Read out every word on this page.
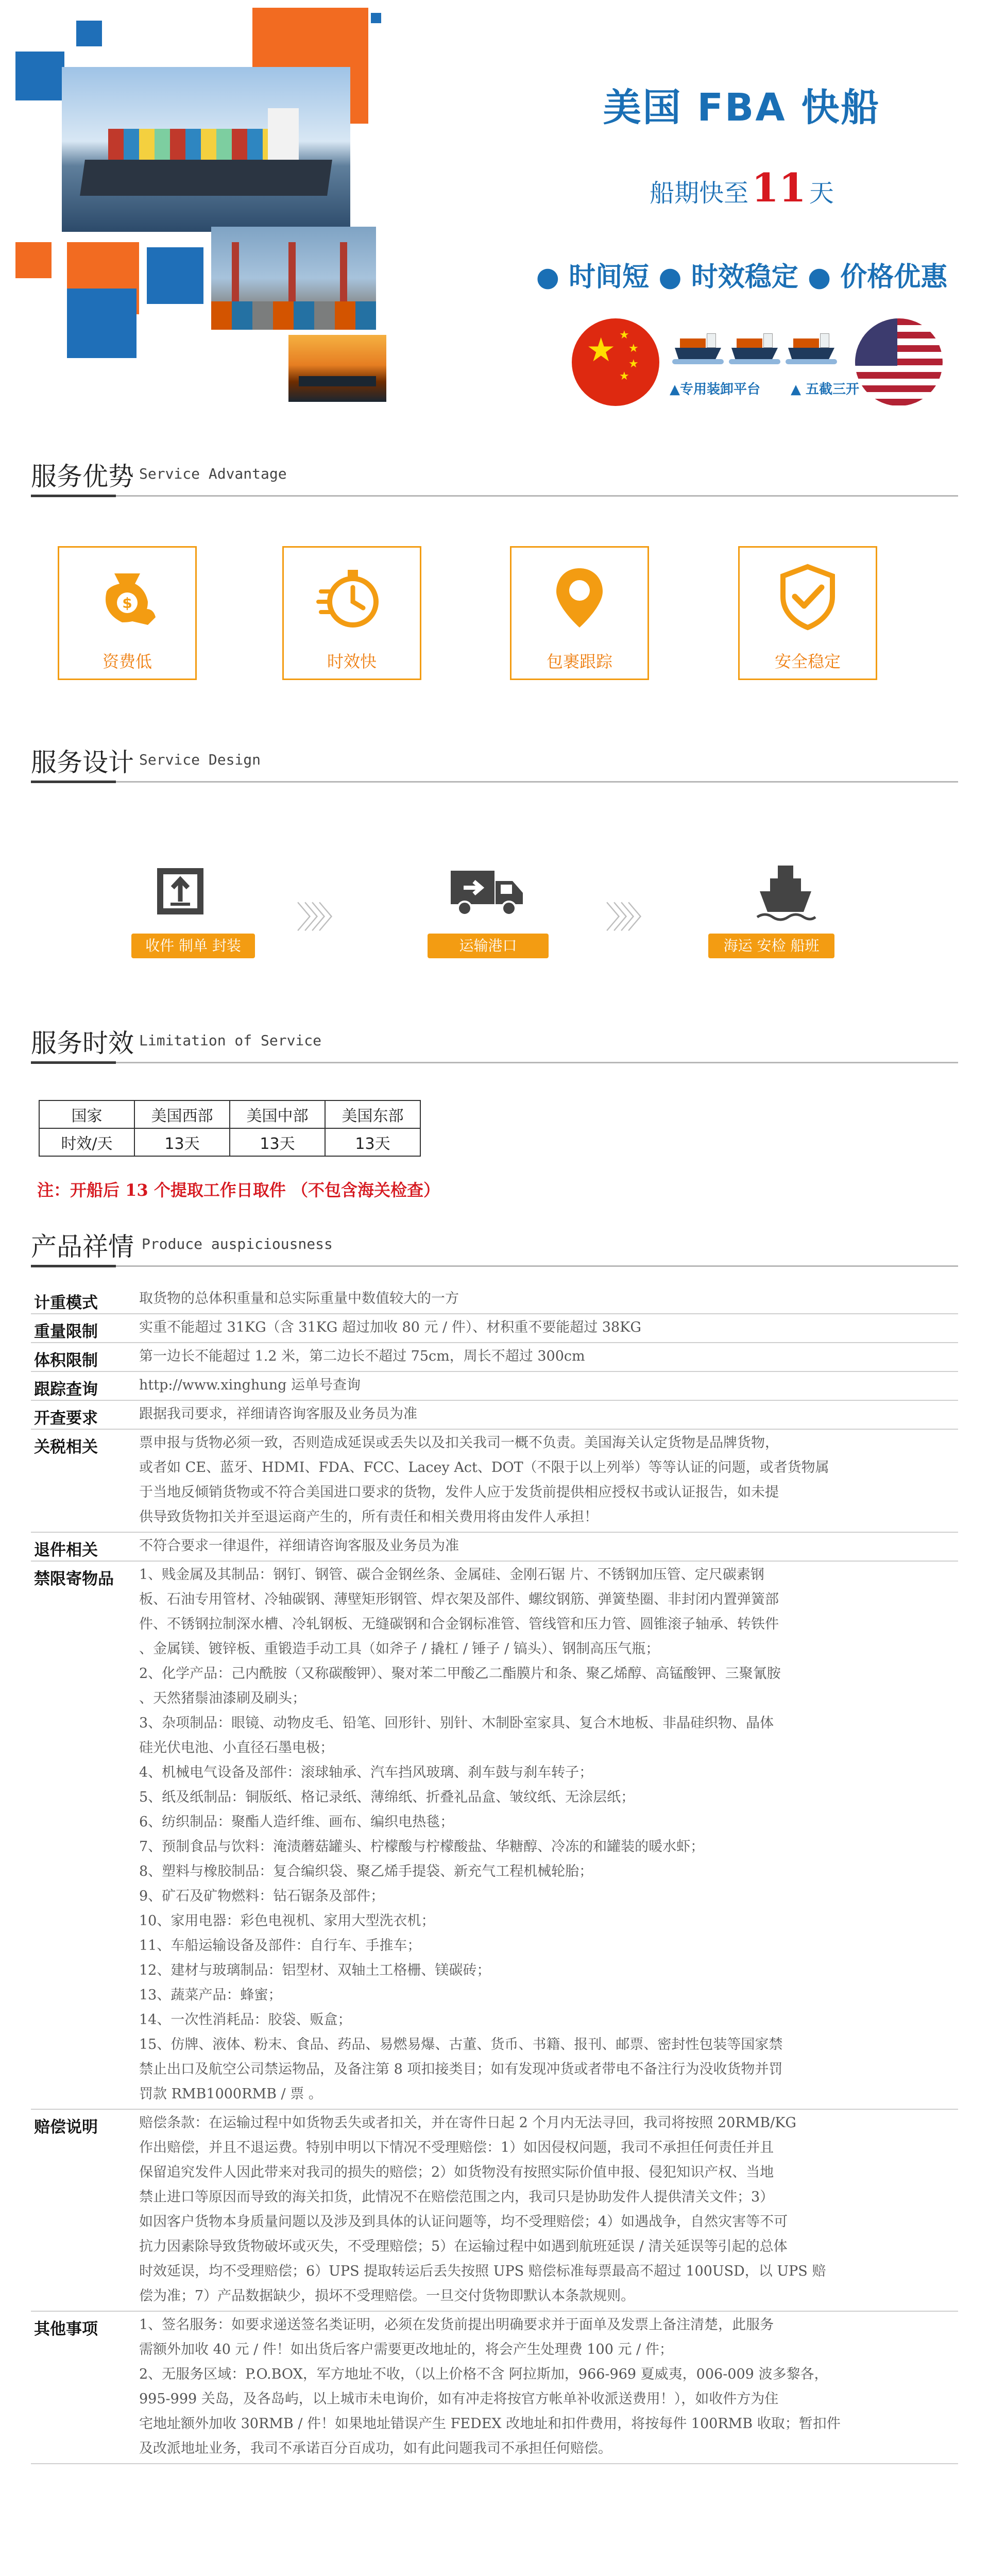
美国 FBA 快船
船期快至11 天
● 时间短 ● 时效稳定 ● 价格优惠
★ ★
★
★
★
▲专用装卸平台 ▲ 五截三开
服务优势 Service Advantage
$
资费低	时效快	包裹跟踪	安全稳定
服务设计 Service Design
〉〉〉〉	〉〉〉〉
收件 制单 封装	运输港口	海运 安检 船班
服务时效 Limitation of Service
国家	美国西部	美国中部	美国东部
时效/天	13天	13天	13天
注：开船后 13 个提取工作日取件 （不包含海关检查）
产品祥情 Produce auspiciousness
计重模式	取货物的总体积重量和总实际重量中数值较大的一方

重量限制	实重不能超过 31KG（含 31KG 超过加收 80 元 / 件）、材积重不要能超过 38KG

体积限制	第一边长不能超过 1.2 米，第二边长不超过 75cm，周长不超过 300cm

跟踪查询	http://www.xinghung 运单号查询

开查要求	跟据我司要求，祥细请咨询客服及业务员为准

关税相关	票申报与货物必须一致，否则造成延误或丢失以及扣关我司一概不负责。美国海关认定货物是品牌货物，

或者如 CE、蓝牙、HDMI、FDA、FCC、Lacey Act、DOT（不限于以上列举）等等认证的问题，或者货物属

于当地反倾销货物或不符合美国进口要求的货物，发件人应于发货前提供相应授权书或认证报告，如未提

供导致货物扣关并至退运商产生的，所有责任和相关费用将由发件人承担！

退件相关	不符合要求一律退件，祥细请咨询客服及业务员为准

禁限寄物品	1、贱金属及其制品：钢钉、钢管、碳合金钢丝条、金属硅、金刚石锯 片、不锈钢加压管、定尺碳素钢

板、石油专用管材、冷轴碳钢、薄壁矩形钢管、焊衣架及部件、螺纹钢筋、弹簧垫圈、非封闭内置弹簧部

件、不锈钢拉制深水槽、冷轧钢板、无缝碳钢和合金钢标准管、管线管和压力管、圆锥滚子轴承、转铁件

、金属镁、镀锌板、重锻造手动工具（如斧子 / 撬杠 / 锤子 / 镐头）、钢制高压气瓶；

2、化学产品：己内酰胺（又称碳酸钾）、聚对苯二甲酸乙二酯膜片和条、聚乙烯醇、高锰酸钾、三聚氰胺

、天然猪鬃油漆刷及刷头；

3、杂项制品：眼镜、动物皮毛、铅笔、回形针、别针、木制卧室家具、复合木地板、非晶硅织物、晶体

硅光伏电池、小直径石墨电极；

4、机械电气设备及部件：滚球轴承、汽车挡风玻璃、刹车鼓与刹车转子；

5、纸及纸制品：铜版纸、格记录纸、薄绵纸、折叠礼品盒、皱纹纸、无涂层纸；

6、纺织制品：聚酯人造纤维、画布、编织电热毯；

7、预制食品与饮料：淹渍蘑菇罐头、柠檬酸与柠檬酸盐、华糖醇、冷冻的和罐装的暖水虾；

8、塑料与橡胶制品：复合编织袋、聚乙烯手提袋、新充气工程机械轮胎；

9、矿石及矿物燃料：钻石锯条及部件；

10、家用电器：彩色电视机、家用大型洗衣机；

11、车船运输设备及部件：自行车、手推车；

12、建材与玻璃制品：铝型材、双轴土工格栅、镁碳砖；

13、蔬菜产品：蜂蜜；

14、一次性消耗品：胶袋、贩盒；

15、仿牌、液体、粉末、食品、药品、易燃易爆、古董、货币、书籍、报刊、邮票、密封性包装等国家禁

禁止出口及航空公司禁运物品，及备注第 8 项扣接类目；如有发现冲货或者带电不备注行为没收货物并罚

罚款 RMB1000RMB / 票 。

赔偿说明	赔偿条款：在运输过程中如货物丢失或者扣关，并在寄件日起 2 个月内无法寻回，我司将按照 20RMB/KG

作出赔偿，并且不退运费。特别申明以下情况不受理赔偿：1）如因侵权问题，我司不承担任何责任并且

保留追究发件人因此带来对我司的损失的赔偿；2）如货物没有按照实际价值申报、侵犯知识产权、当地

禁止进口等原因而导致的海关扣货，此情况不在赔偿范围之内，我司只是协助发件人提供清关文件；3）

如因客户货物本身质量问题以及涉及到具体的认证问题等，均不受理赔偿；4）如遇战争，自然灾害等不可

抗力因素除导致货物破坏或灭失，不受理赔偿；5）在运输过程中如遇到航班延误 / 清关延误等引起的总体

时效延误，均不受理赔偿；6）UPS 提取转运后丢失按照 UPS 赔偿标准每票最高不超过 100USD，以 UPS 赔

偿为准；7）产品数据缺少，损坏不受理赔偿。一旦交付货物即默认本条款规则。

其他事项	1、签名服务：如要求递送签名类证明，必须在发货前提出明确要求并于面单及发票上备注清楚，此服务

需额外加收 40 元 / 件！如出货后客户需要更改地址的，将会产生处理费 100 元 / 件；

2、无服务区域：P.O.BOX，军方地址不收，（以上价格不含 阿拉斯加，966-969 夏威夷，006-009 波多黎各，

995-999 关岛，及各岛屿，以上城市未电询价，如有冲走将按官方帐单补收派送费用！），如收件方为住

宅地址额外加收 30RMB / 件！如果地址错误产生 FEDEX 改地址和扣件费用，将按每件 100RMB 收取；暂扣件

及改派地址业务，我司不承诺百分百成功，如有此问题我司不承担任何赔偿。
